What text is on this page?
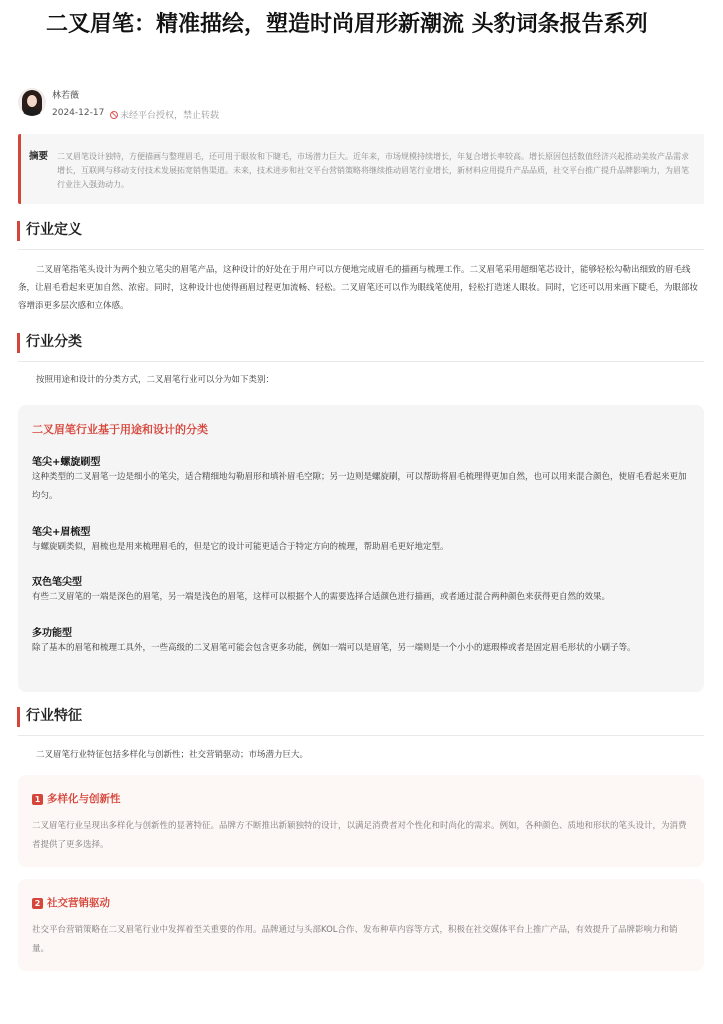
二叉眉笔：精准描绘，塑造时尚眉形新潮流 头豹词条报告系列
林若薇
2024-12-17	未经平台授权，禁止转载
摘要 二叉眉笔设计独特，方便描画与整理眉毛，还可用于眼妆和下睫毛，市场潜力巨大。近年来，市场规模持续增长，年复合增长率较高。增长原因包括数值经济兴起推动美妆产品需求增长，互联网与移动支付技术发展拓宽销售渠道。未来，技术进步和社交平台营销策略将继续推动眉笔行业增长，新材料应用提升产品品质，社交平台推广提升品牌影响力，为眉笔行业注入强劲动力。
行业定义
二叉眉笔指笔头设计为两个独立笔尖的眉笔产品，这种设计的好处在于用户可以方便地完成眉毛的描画与梳理工作。二叉眉笔采用超细笔芯设计，能够轻松勾勒出细致的眉毛线条，让眉毛看起来更加自然、浓密。同时，这种设计也使得画眉过程更加流畅、轻松。二叉眉笔还可以作为眼线笔使用，轻松打造迷人眼妆。同时，它还可以用来画下睫毛，为眼部妆容增添更多层次感和立体感。
行业分类
按照用途和设计的分类方式，二叉眉笔行业可以分为如下类别：
二叉眉笔行业基于用途和设计的分类
笔尖+螺旋刷型
这种类型的二叉眉笔一边是细小的笔尖，适合精细地勾勒眉形和填补眉毛空隙；另一边则是螺旋刷，可以帮助将眉毛梳理得更加自然，也可以用来混合颜色，使眉毛看起来更加均匀。
笔尖+眉梳型
与螺旋刷类似，眉梳也是用来梳理眉毛的，但是它的设计可能更适合于特定方向的梳理，帮助眉毛更好地定型。
双色笔尖型
有些二叉眉笔的一端是深色的眉笔，另一端是浅色的眉笔，这样可以根据个人的需要选择合适颜色进行描画，或者通过混合两种颜色来获得更自然的效果。
多功能型
除了基本的眉笔和梳理工具外，一些高级的二叉眉笔可能会包含更多功能，例如一端可以是眉笔，另一端则是一个小小的遮瑕棒或者是固定眉毛形状的小刷子等。
行业特征
二叉眉笔行业特征包括多样化与创新性；社交营销驱动；市场潜力巨大。
1 多样化与创新性
二叉眉笔行业呈现出多样化与创新性的显著特征。品牌方不断推出新颖独特的设计，以满足消费者对个性化和时尚化的需求。例如，各种颜色、质地和形状的笔头设计，为消费者提供了更多选择。
2 社交营销驱动
社交平台营销策略在二叉眉笔行业中发挥着至关重要的作用。品牌通过与头部KOL合作、发布种草内容等方式，积极在社交媒体平台上推广产品，有效提升了品牌影响力和销量。
